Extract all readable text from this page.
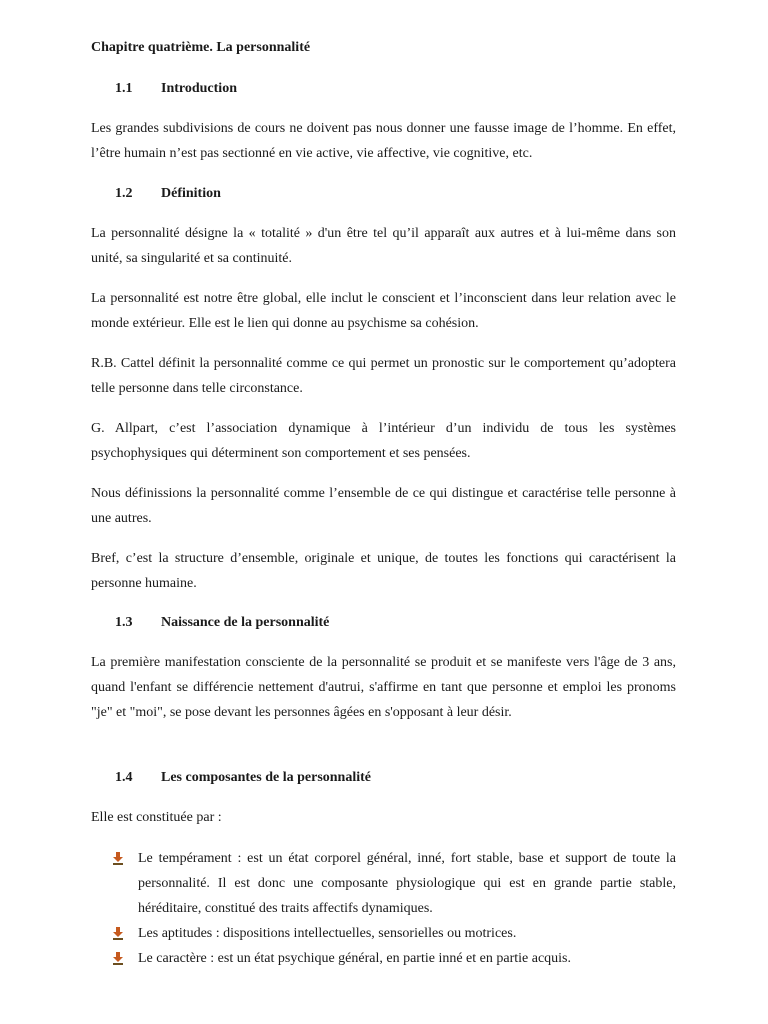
Chapitre quatrième. La personnalité
1.1 Introduction

Les grandes subdivisions de cours ne doivent pas nous donner une fausse image de l’homme. En effet, l’être humain n’est pas sectionné en vie active, vie affective, vie cognitive, etc.

1.2 Définition

La personnalité désigne la « totalité » d'un être tel qu’il apparaît aux autres et à lui-même dans son unité, sa singularité et sa continuité.

La personnalité est notre être global, elle inclut le conscient et l’inconscient dans leur relation avec le monde extérieur. Elle est le lien qui donne au psychisme sa cohésion.

R.B. Cattel définit la personnalité comme ce qui permet un pronostic sur le comportement qu’adoptera telle personne dans telle circonstance.

G. Allpart, c’est l’association dynamique à l’intérieur d’un individu de tous les systèmes psychophysiques qui déterminent son comportement et ses pensées.

Nous définissions la personnalité comme l’ensemble de ce qui distingue et caractérise telle personne à une autres.

Bref, c’est la structure d’ensemble, originale et unique, de toutes les fonctions qui caractérisent la personne humaine.

1.3 Naissance de la personnalité

La première manifestation consciente de la personnalité se produit et se manifeste vers l'âge de 3 ans, quand l'enfant se différencie nettement d'autrui, s'affirme en tant que personne et emploi les pronoms "je" et "moi", se pose devant les personnes âgées en s'opposant à leur désir.

1.4 Les composantes de la personnalité

Elle est constituée par :

Le tempérament : est un état corporel général, inné, fort stable, base et support de toute la personnalité. Il est donc une composante physiologique qui est en grande partie stable, héréditaire, constitué des traits affectifs dynamiques.
Les aptitudes : dispositions intellectuelles, sensorielles ou motrices.
Le caractère : est un état psychique général, en partie inné et en partie acquis.
